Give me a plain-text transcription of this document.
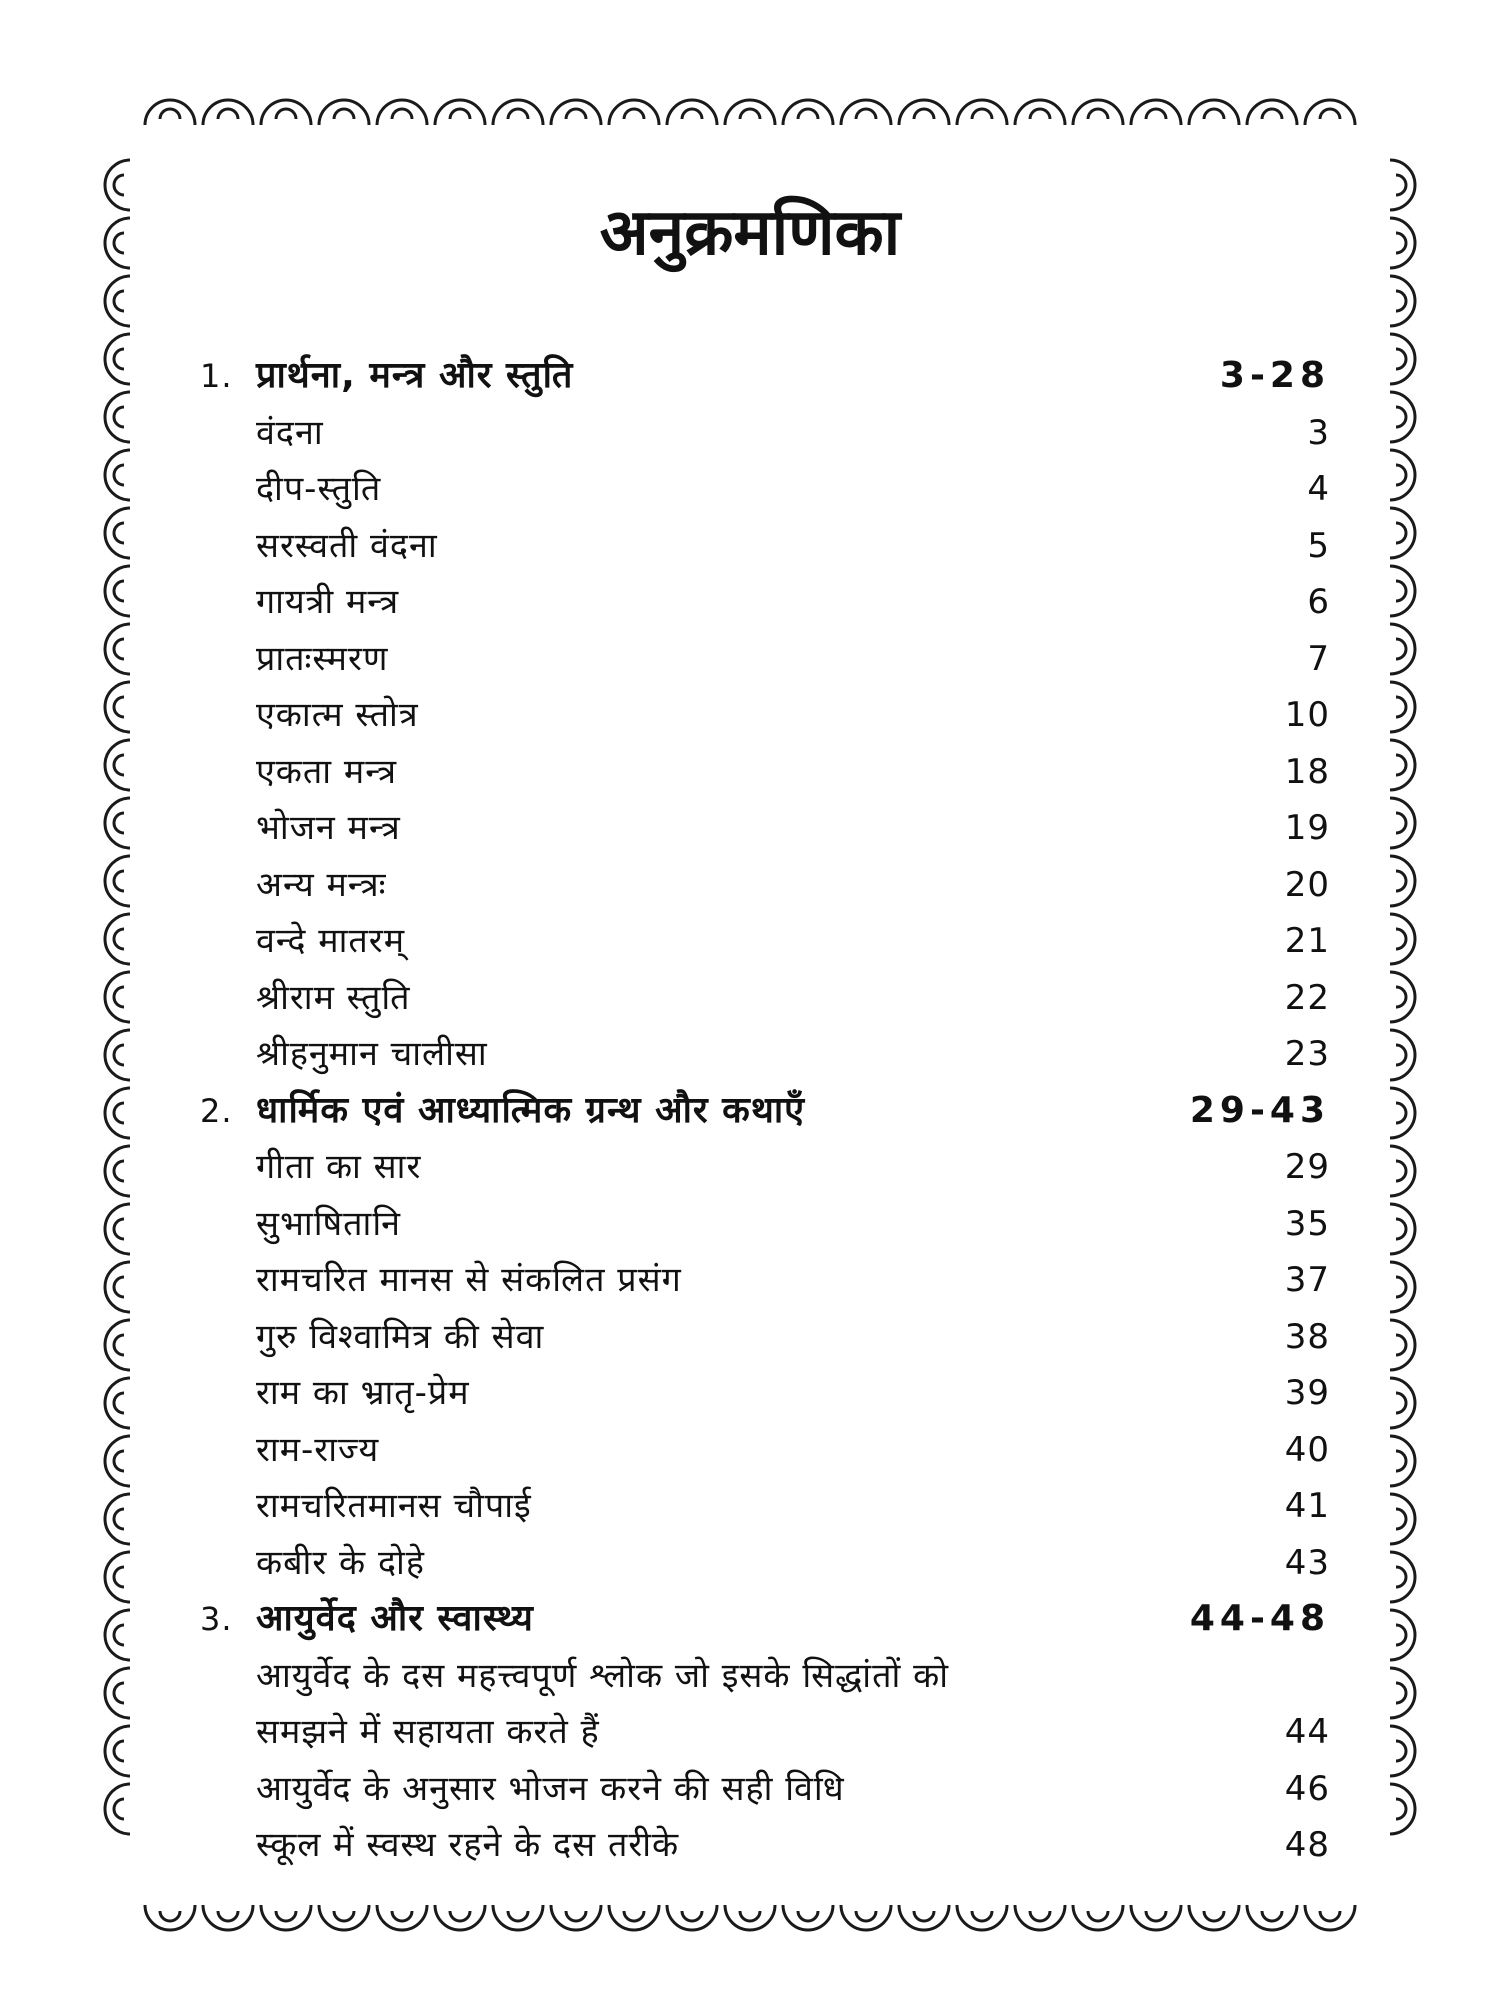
अनुक्रमणिका
1. प्रार्थना, मन्त्र और स्तुति	3-28
वंदना	3
दीप-स्तुति	4
सरस्वती वंदना	5
गायत्री मन्त्र	6
प्रातःस्मरण	7
एकात्म स्तोत्र	10
एकता मन्त्र	18
भोजन मन्त्र	19
अन्य मन्त्रः	20
वन्दे मातरम्	21
श्रीराम स्तुति	22
श्रीहनुमान चालीसा	23
2. धार्मिक एवं आध्यात्मिक ग्रन्थ और कथाएँ	29-43
गीता का सार	29
सुभाषितानि	35
रामचरित मानस से संकलित प्रसंग	37
गुरु विश्वामित्र की सेवा	38
राम का भ्रातृ-प्रेम	39
राम-राज्य	40
रामचरितमानस चौपाई	41
कबीर के दोहे	43
3. आयुर्वेद और स्वास्थ्य	44-48
आयुर्वेद के दस महत्त्वपूर्ण श्लोक जो इसके सिद्धांतों को
समझने में सहायता करते हैं	44
आयुर्वेद के अनुसार भोजन करने की सही विधि	46
स्कूल में स्वस्थ रहने के दस तरीके	48
